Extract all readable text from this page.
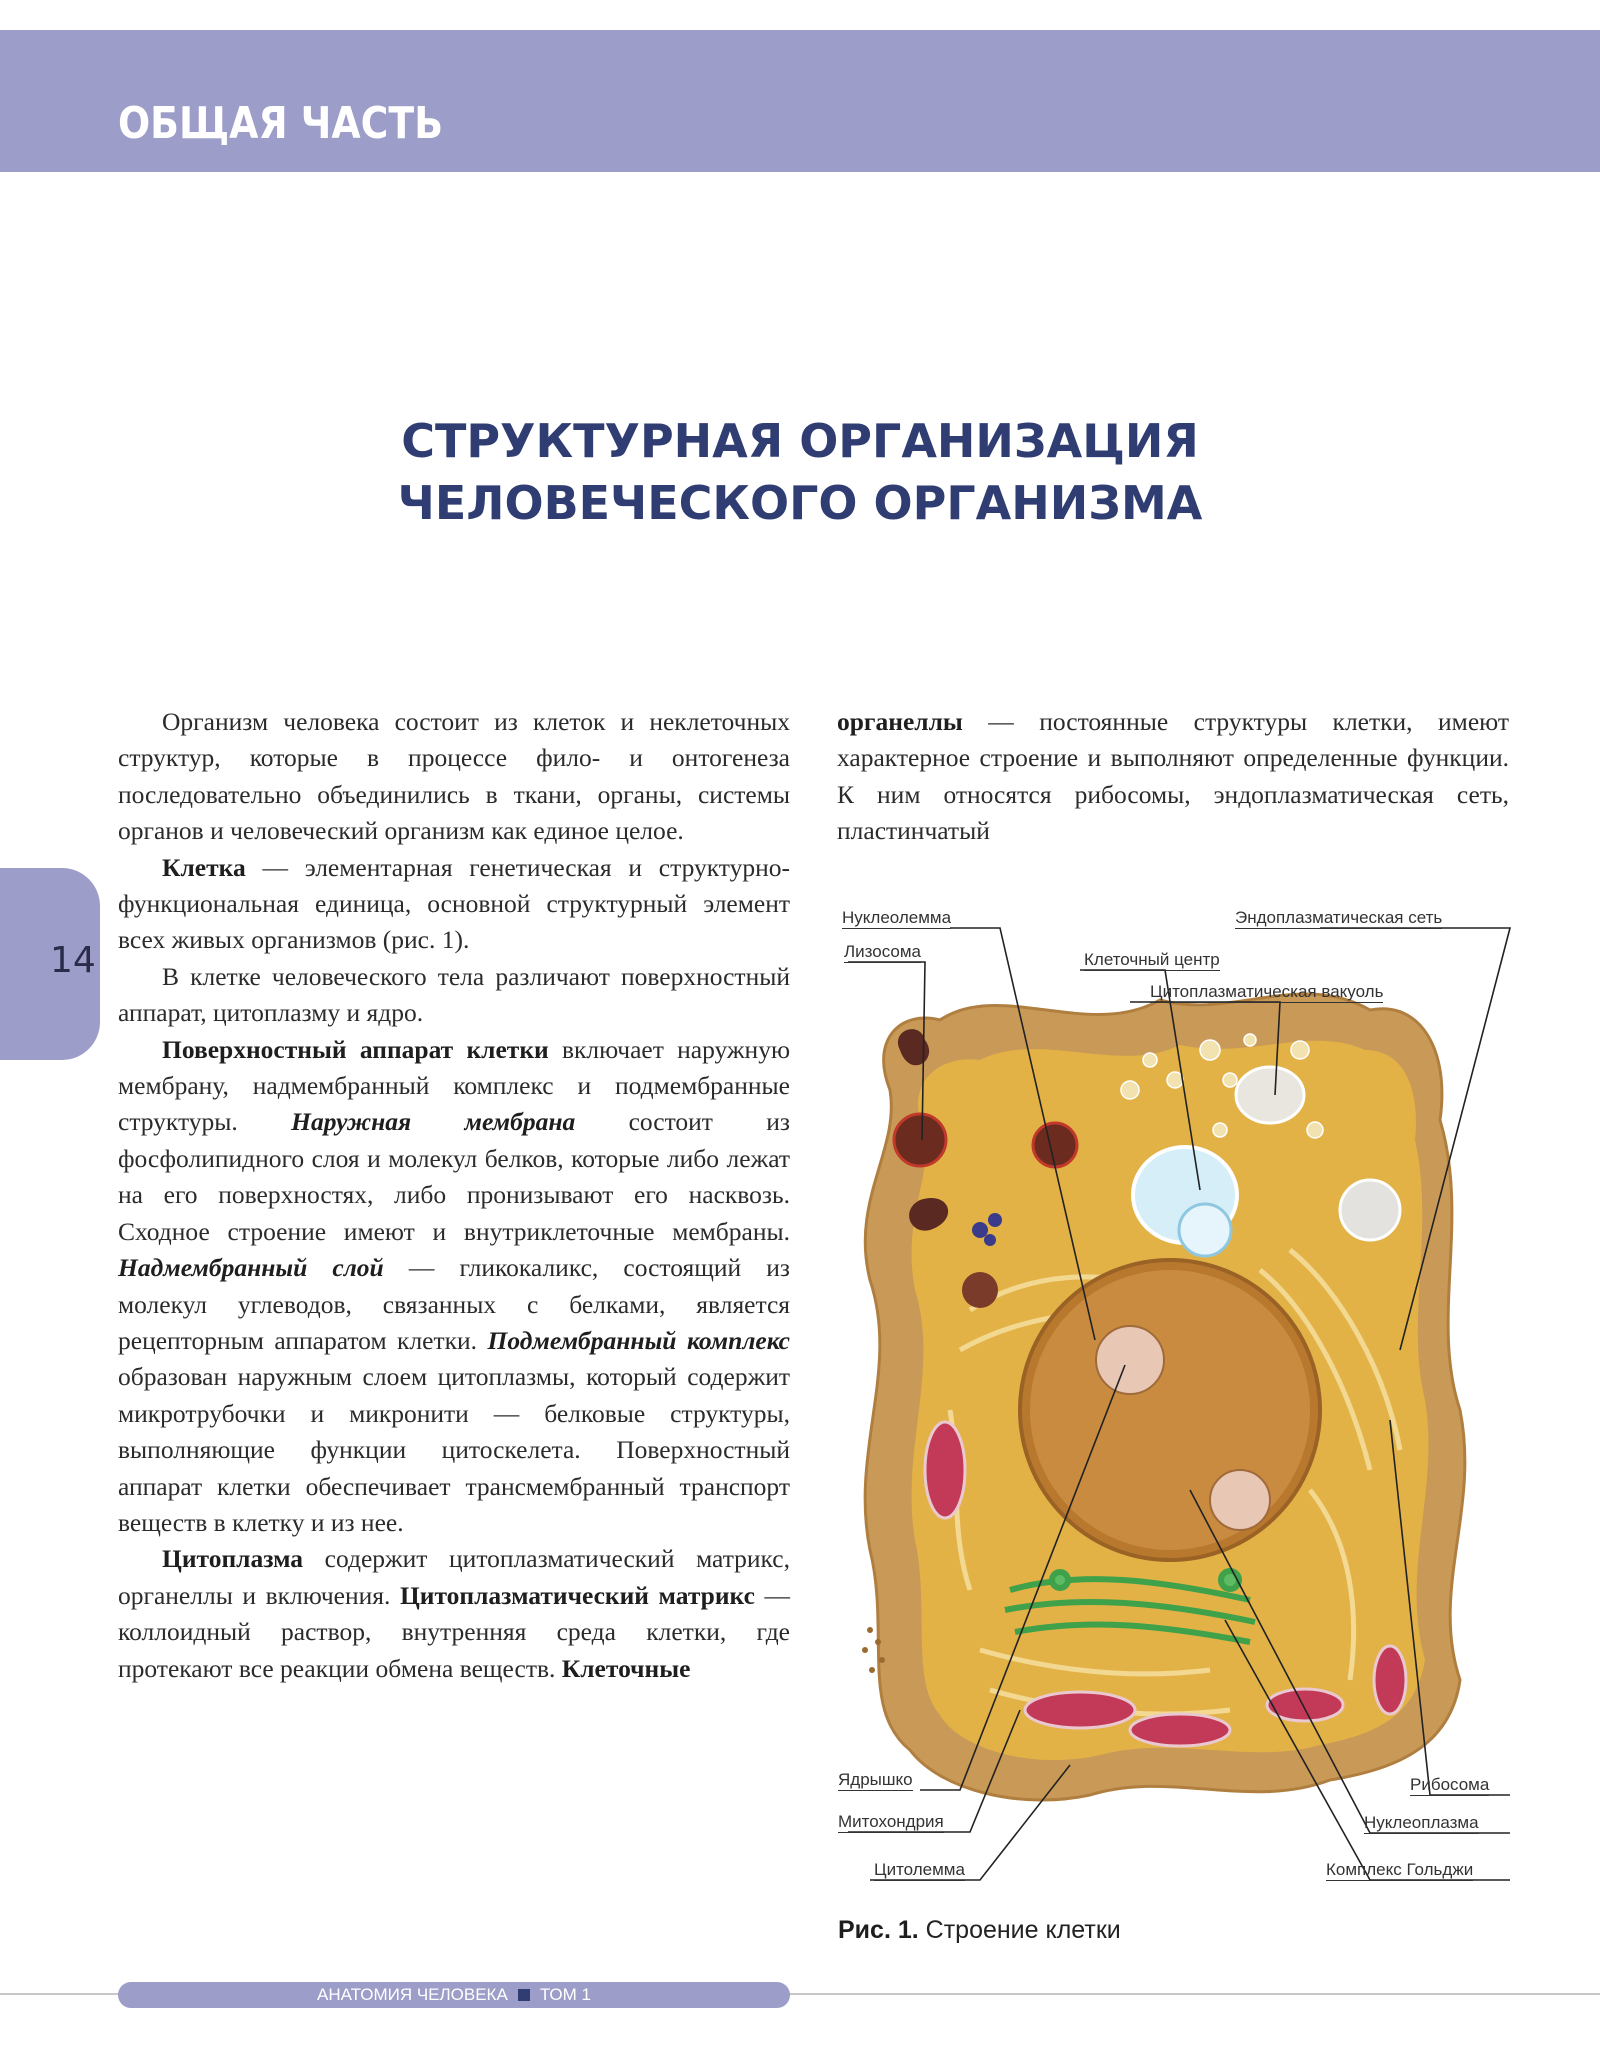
ОБЩАЯ ЧАСТЬ
СТРУКТУРНАЯ ОРГАНИЗАЦИЯ
ЧЕЛОВЕЧЕСКОГО ОРГАНИЗМА
14

Организм человека состоит из клеток и неклеточных структур, которые в процессе фило- и онтогенеза последовательно объединились в ткани, органы, системы органов и человеческий организм как единое целое.

Клетка — элементарная генетическая и структурно-функциональная единица, основной структурный элемент всех живых организмов (рис. 1).

В клетке человеческого тела различают поверхностный аппарат, цитоплазму и ядро.

Поверхностный аппарат клетки включает наружную мембрану, надмембранный комплекс и подмембранные структуры. Наружная мембрана состоит из фосфолипидного слоя и молекул белков, которые либо лежат на его поверхностях, либо пронизывают его насквозь. Сходное строение имеют и внутриклеточные мембраны. Надмембранный слой — гликокаликс, состоящий из молекул углеводов, связанных с белками, является рецепторным аппаратом клетки. Подмембранный комплекс образован наружным слоем цитоплазмы, который содержит микротрубочки и микронити — белковые структуры, выполняющие функции цитоскелета. Поверхностный аппарат клетки обеспечивает трансмембранный транспорт веществ в клетку и из нее.

Цитоплазма содержит цитоплазматический матрикс, органеллы и включения. Цитоплазматический матрикс — коллоидный раствор, внутренняя среда клетки, где протекают все реакции обмена веществ. Клеточные

органеллы — постоянные структуры клетки, имеют характерное строение и выполняют определенные функции. К ним относятся рибосомы, эндоплазматическая сеть, пластинчатый

Нуклеолемма
Лизосома
Эндоплазматическая сеть
Клеточный центр
Цитоплазматическая вакуоль
Ядрышко
Митохондрия
Цитолемма
Рибосома
Нуклеоплазма
Комплекс Гольджи
Рис. 1. Строение клетки
АНАТОМИЯ ЧЕЛОВЕКА ТОМ 1
